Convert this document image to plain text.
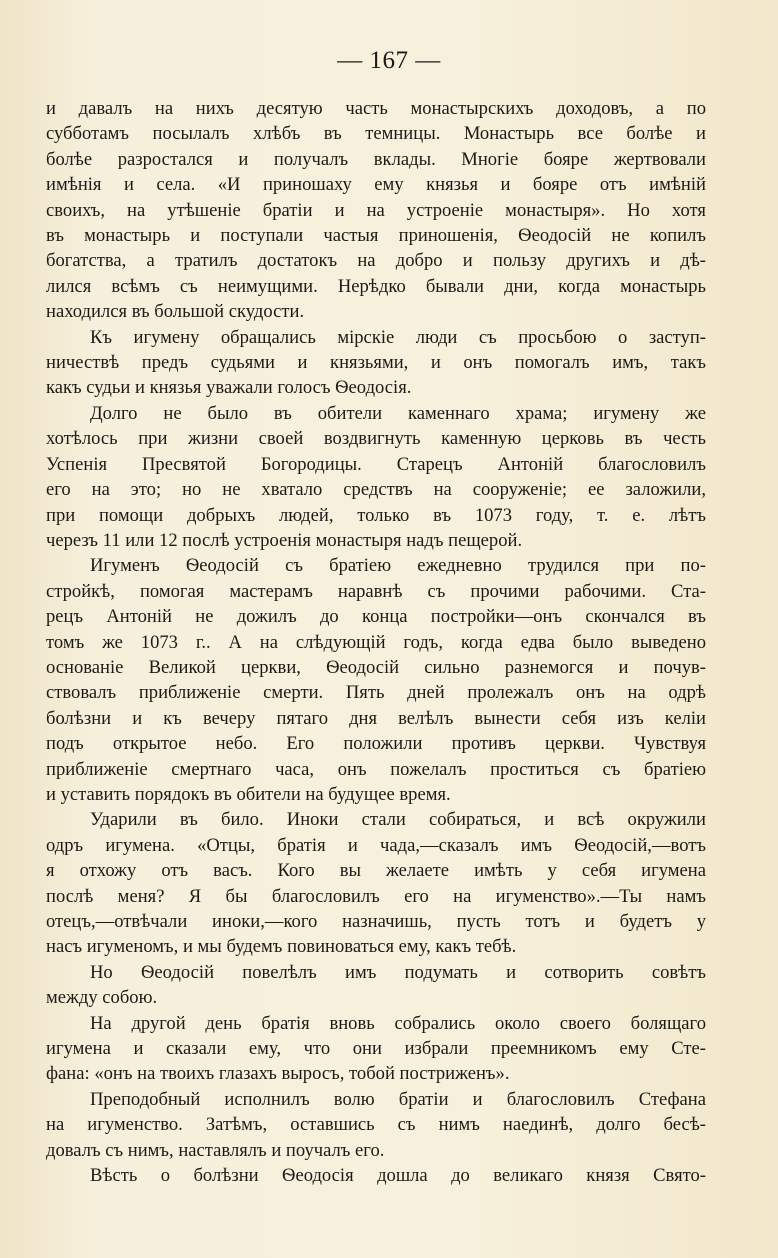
— 167 —

и давалъ на нихъ десятую часть монастырскихъ доходовъ, а по

субботамъ посылалъ хлѣбъ въ темницы. Монастырь все болѣе и

болѣе разростался и получалъ вклады. Многіе бояре жертвовали

имѣнія и села. «И приношаху ему князья и бояре отъ имѣній

своихъ, на утѣшеніе братіи и на устроеніе монастыря». Но хотя

въ монастырь и поступали частыя приношенія, Ѳеодосій не копилъ

богатства, а тратилъ достатокъ на добро и пользу другихъ и дѣ-

лился всѣмъ съ неимущими. Нерѣдко бывали дни, когда монастырь

находился въ большой скудости.

Къ игумену обращались мірскіе люди съ просьбою о заступ-

ничествѣ предъ судьями и князьями, и онъ помогалъ имъ, такъ

какъ судьи и князья уважали голосъ Ѳеодосія.

Долго не было въ обители каменнаго храма; игумену же

хотѣлось при жизни своей воздвигнуть каменную церковь въ честь

Успенія Пресвятой Богородицы. Старецъ Антоній благословилъ

его на это; но не хватало средствъ на сооруженіе; ее заложили,

при помощи добрыхъ людей, только въ 1073 году, т. е. лѣтъ

черезъ 11 или 12 послѣ устроенія монастыря надъ пещерой.

Игуменъ Ѳеодосій съ братіею ежедневно трудился при по-

стройкѣ, помогая мастерамъ наравнѣ съ прочими рабочими. Ста-

рецъ Антоній не дожилъ до конца постройки—онъ скончался въ

томъ же 1073 г.. А на слѣдующій годъ, когда едва было выведено

основаніе Великой церкви, Ѳеодосій сильно разнемогся и почув-

ствовалъ приближеніе смерти. Пять дней пролежалъ онъ на одрѣ

болѣзни и къ вечеру пятаго дня велѣлъ вынести себя изъ келіи

подъ открытое небо. Его положили противъ церкви. Чувствуя

приближеніе смертнаго часа, онъ пожелалъ проститься съ братіею

и уставить порядокъ въ обители на будущее время.

Ударили въ било. Иноки стали собираться, и всѣ окружили

одръ игумена. «Отцы, братія и чада,—сказалъ имъ Ѳеодосій,—вотъ

я отхожу отъ васъ. Кого вы желаете имѣть у себя игумена

послѣ меня? Я бы благословилъ его на игуменство».—Ты намъ

отецъ,—отвѣчали иноки,—кого назначишь, пусть тотъ и будетъ у

насъ игуменомъ, и мы будемъ повиноваться ему, какъ тебѣ.

Но Ѳеодосій повелѣлъ имъ подумать и сотворить совѣтъ

между собою.

На другой день братія вновь собрались около своего болящаго

игумена и сказали ему, что они избрали преемникомъ ему Сте-

фана: «онъ на твоихъ глазахъ выросъ, тобой постриженъ».

Преподобный исполнилъ волю братіи и благословилъ Стефана

на игуменство. Затѣмъ, оставшись съ нимъ наединѣ, долго бесѣ-

довалъ съ нимъ, наставлялъ и поучалъ его.

Вѣсть о болѣзни Ѳеодосія дошла до великаго князя Свято-
